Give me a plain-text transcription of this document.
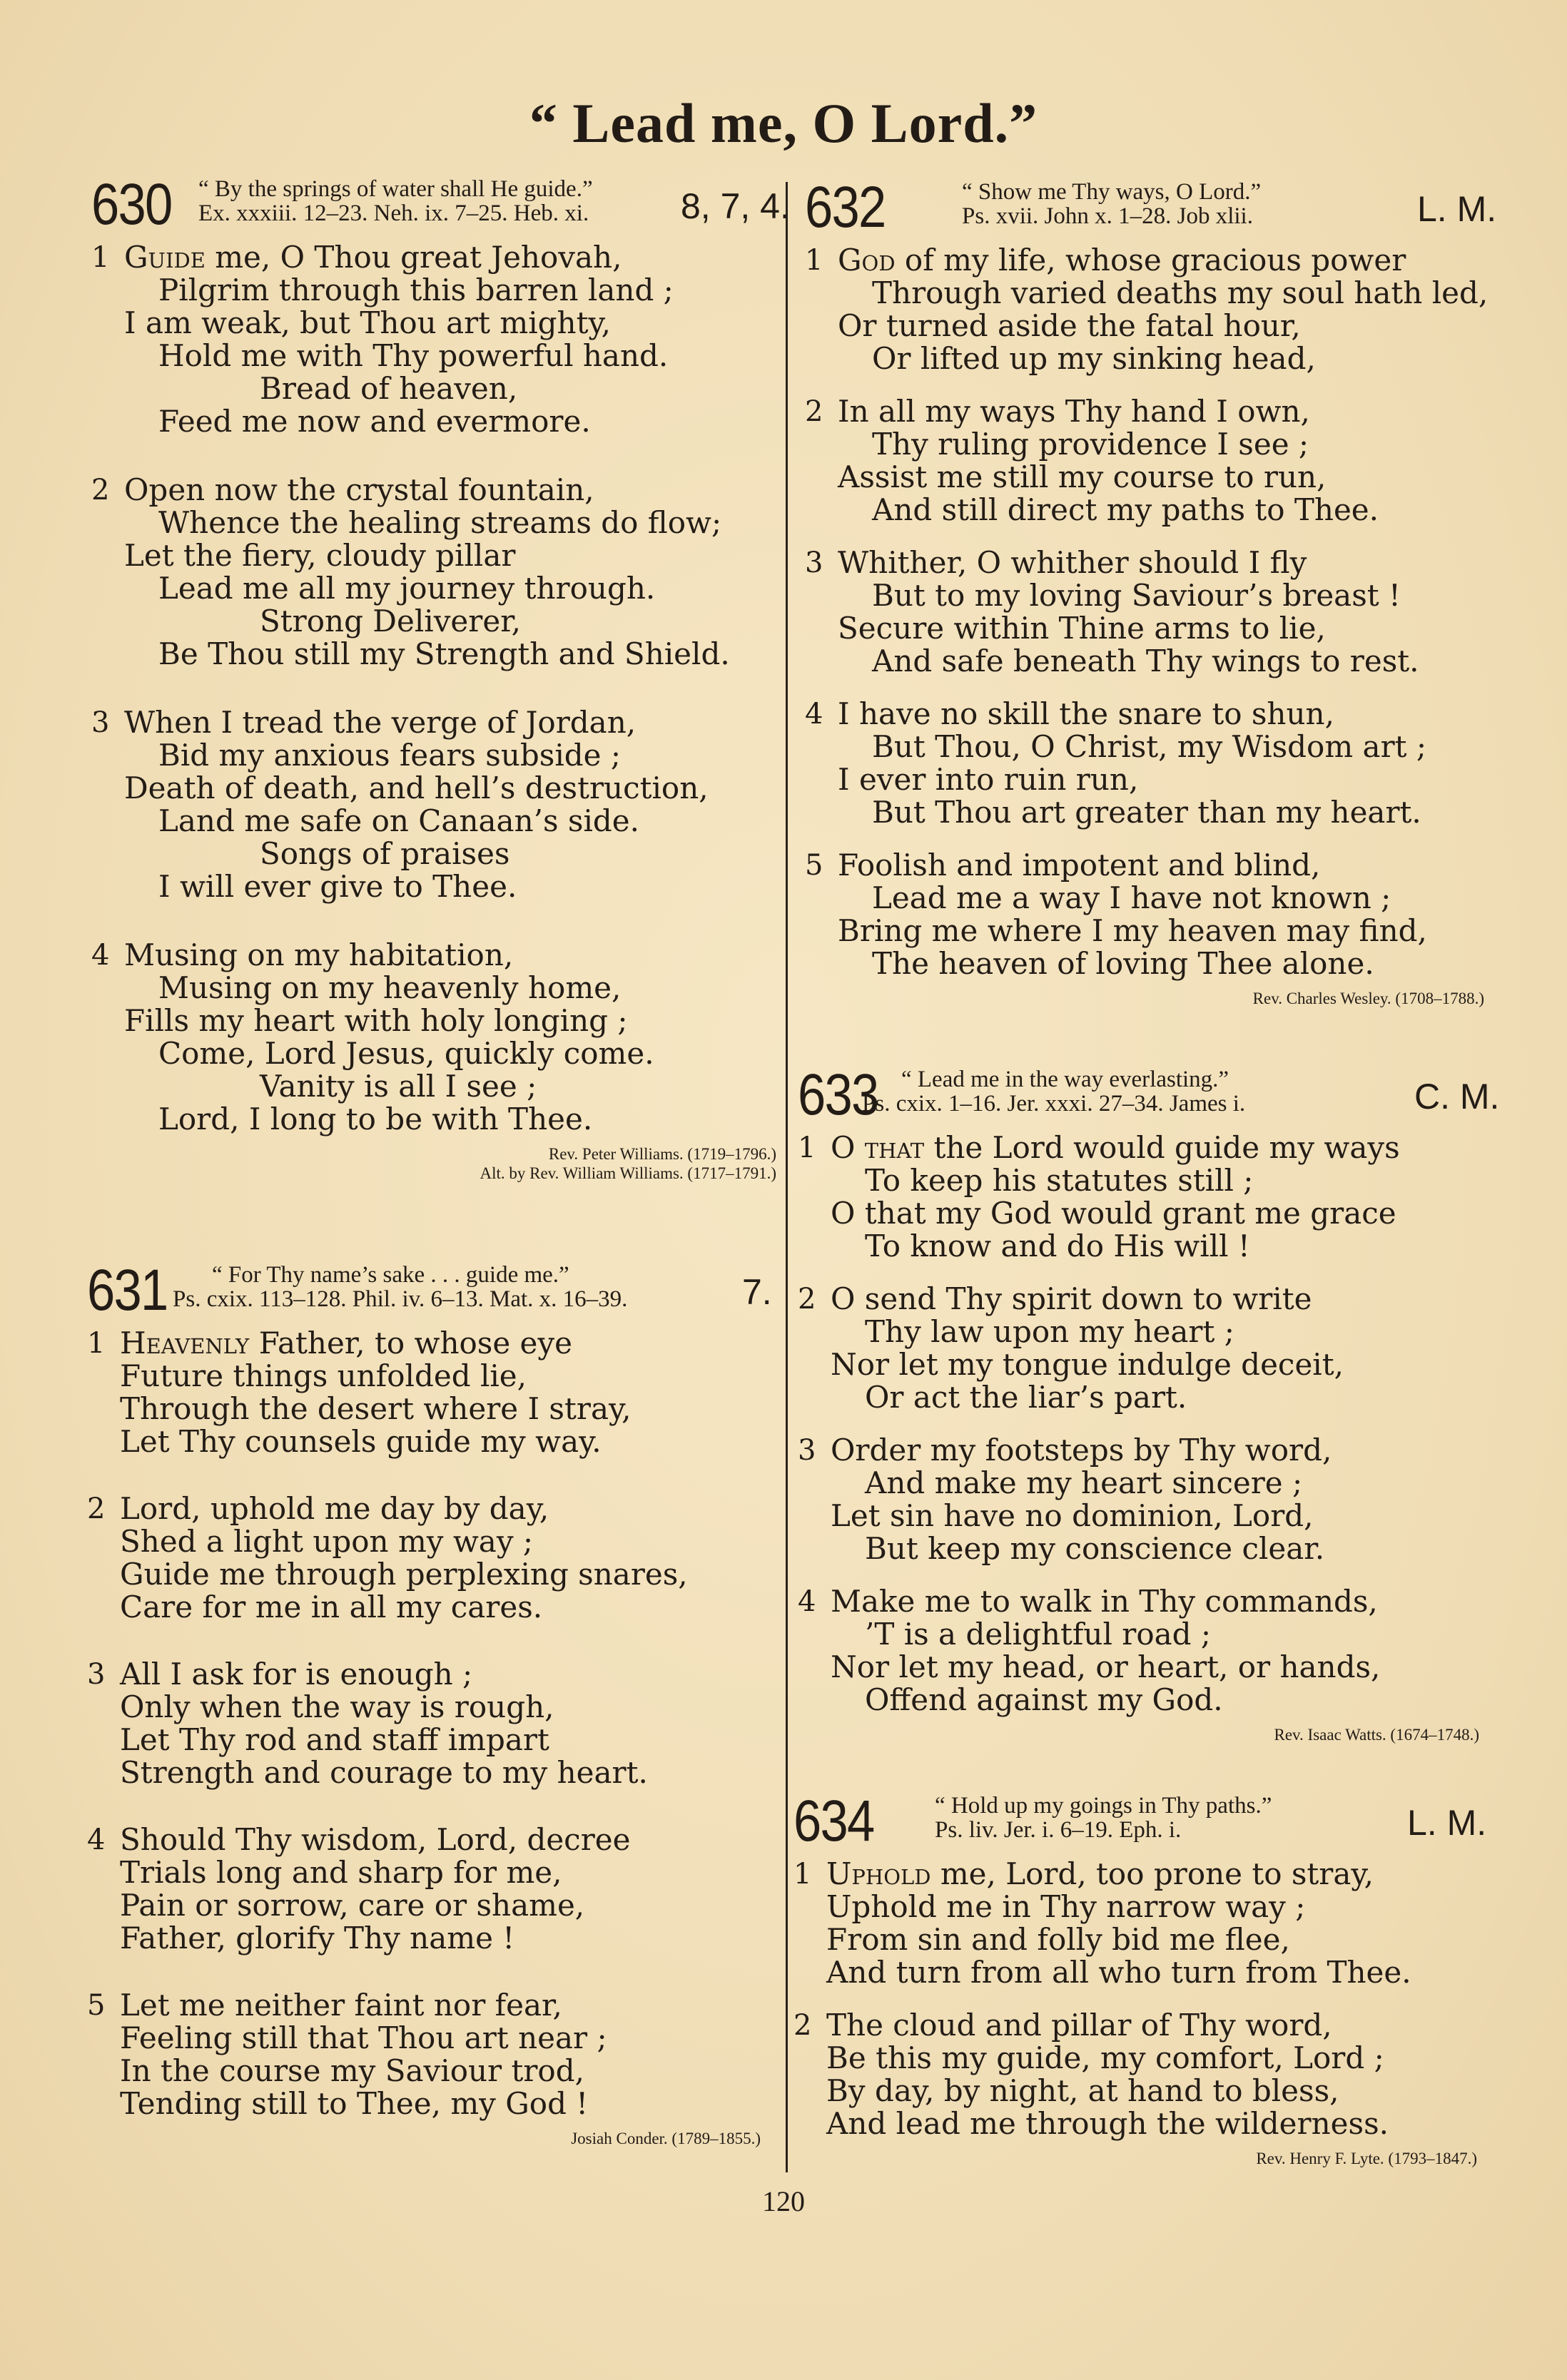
“ Lead me, O Lord.”
630 “ By the springs of water shall He guide.”
Ex. xxxiii. 12–23. Neh. ix. 7–25. Heb. xi.	8, 7, 4.
1 Guide me, O Thou great Jehovah,
Pilgrim through this barren land ;
I am weak, but Thou art mighty,
Hold me with Thy powerful hand.
Bread of heaven,
Feed me now and evermore.
2 Open now the crystal fountain,
Whence the healing streams do flow;
Let the fiery, cloudy pillar
Lead me all my journey through.
Strong Deliverer,
Be Thou still my Strength and Shield.
3 When I tread the verge of Jordan,
Bid my anxious fears subside ;
Death of death, and hell’s destruction,
Land me safe on Canaan’s side.
Songs of praises
I will ever give to Thee.
4 Musing on my habitation,
Musing on my heavenly home,
Fills my heart with holy longing ;
Come, Lord Jesus, quickly come.
Vanity is all I see ;
Lord, I long to be with Thee.
Rev. Peter Williams. (1719–1796.)
Alt. by Rev. William Williams. (1717–1791.)
631 “ For Thy name’s sake . . . guide me.”
Ps. cxix. 113–128. Phil. iv. 6–13. Mat. x. 16–39.	7.
1 Heavenly Father, to whose eye
Future things unfolded lie,
Through the desert where I stray,
Let Thy counsels guide my way.
2 Lord, uphold me day by day,
Shed a light upon my way ;
Guide me through perplexing snares,
Care for me in all my cares.
3 All I ask for is enough ;
Only when the way is rough,
Let Thy rod and staff impart
Strength and courage to my heart.
4 Should Thy wisdom, Lord, decree
Trials long and sharp for me,
Pain or sorrow, care or shame,
Father, glorify Thy name !
5 Let me neither faint nor fear,
Feeling still that Thou art near ;
In the course my Saviour trod,
Tending still to Thee, my God !
Josiah Conder. (1789–1855.)
632	“ Show me Thy ways, O Lord.”
Ps. xvii. John x. 1–28. Job xlii.	L. M.
1 God of my life, whose gracious power
Through varied deaths my soul hath led,
Or turned aside the fatal hour,
Or lifted up my sinking head,
2 In all my ways Thy hand I own,
Thy ruling providence I see ;
Assist me still my course to run,
And still direct my paths to Thee.
3 Whither, O whither should I fly
But to my loving Saviour’s breast !
Secure within Thine arms to lie,
And safe beneath Thy wings to rest.
4 I have no skill the snare to shun,
But Thou, O Christ, my Wisdom art ;
I ever into ruin run,
But Thou art greater than my heart.
5 Foolish and impotent and blind,
Lead me a way I have not known ;
Bring me where I my heaven may find,
The heaven of loving Thee alone.
Rev. Charles Wesley. (1708–1788.)
633 “ Lead me in the way everlasting.”
Ps. cxix. 1–16. Jer. xxxi. 27–34. James i.	C. M.
1 O that the Lord would guide my ways
To keep his statutes still ;
O that my God would grant me grace
To know and do His will !
2 O send Thy spirit down to write
Thy law upon my heart ;
Nor let my tongue indulge deceit,
Or act the liar’s part.
3 Order my footsteps by Thy word,
And make my heart sincere ;
Let sin have no dominion, Lord,
But keep my conscience clear.
4 Make me to walk in Thy commands,
’T is a delightful road ;
Nor let my head, or heart, or hands,
Offend against my God.
Rev. Isaac Watts. (1674–1748.)
634	“ Hold up my goings in Thy paths.”
Ps. liv. Jer. i. 6–19. Eph. i.	L. M.
1 Uphold me, Lord, too prone to stray,
Uphold me in Thy narrow way ;
From sin and folly bid me flee,
And turn from all who turn from Thee.
2 The cloud and pillar of Thy word,
Be this my guide, my comfort, Lord ;
By day, by night, at hand to bless,
And lead me through the wilderness.
Rev. Henry F. Lyte. (1793–1847.)
120
